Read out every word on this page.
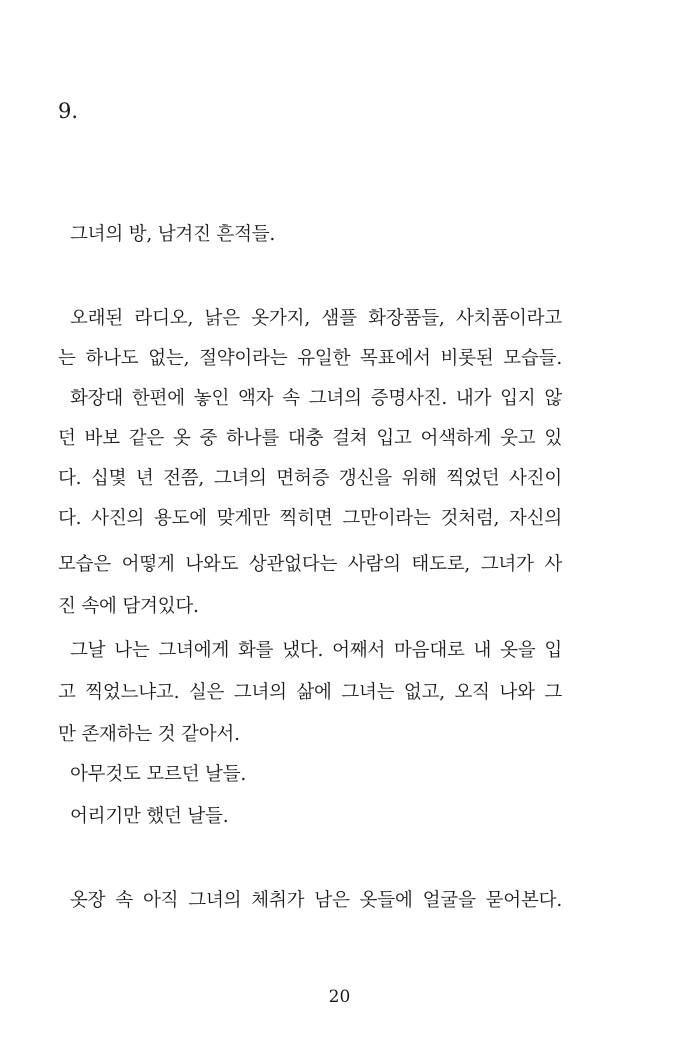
9.
그녀의 방, 남겨진 흔적들.
오래된 라디오, 낡은 옷가지, 샘플 화장품들, 사치품이라고
는 하나도 없는, 절약이라는 유일한 목표에서 비롯된 모습들.
화장대 한편에 놓인 액자 속 그녀의 증명사진. 내가 입지 않
던 바보 같은 옷 중 하나를 대충 걸쳐 입고 어색하게 웃고 있
다. 십몇 년 전쯤, 그녀의 면허증 갱신을 위해 찍었던 사진이
다. 사진의 용도에 맞게만 찍히면 그만이라는 것처럼, 자신의
모습은 어떻게 나와도 상관없다는 사람의 태도로, 그녀가 사
진 속에 담겨있다.
그날 나는 그녀에게 화를 냈다. 어째서 마음대로 내 옷을 입
고 찍었느냐고. 실은 그녀의 삶에 그녀는 없고, 오직 나와 그
만 존재하는 것 같아서.
아무것도 모르던 날들.
어리기만 했던 날들.
옷장 속 아직 그녀의 체취가 남은 옷들에 얼굴을 묻어본다.
20
